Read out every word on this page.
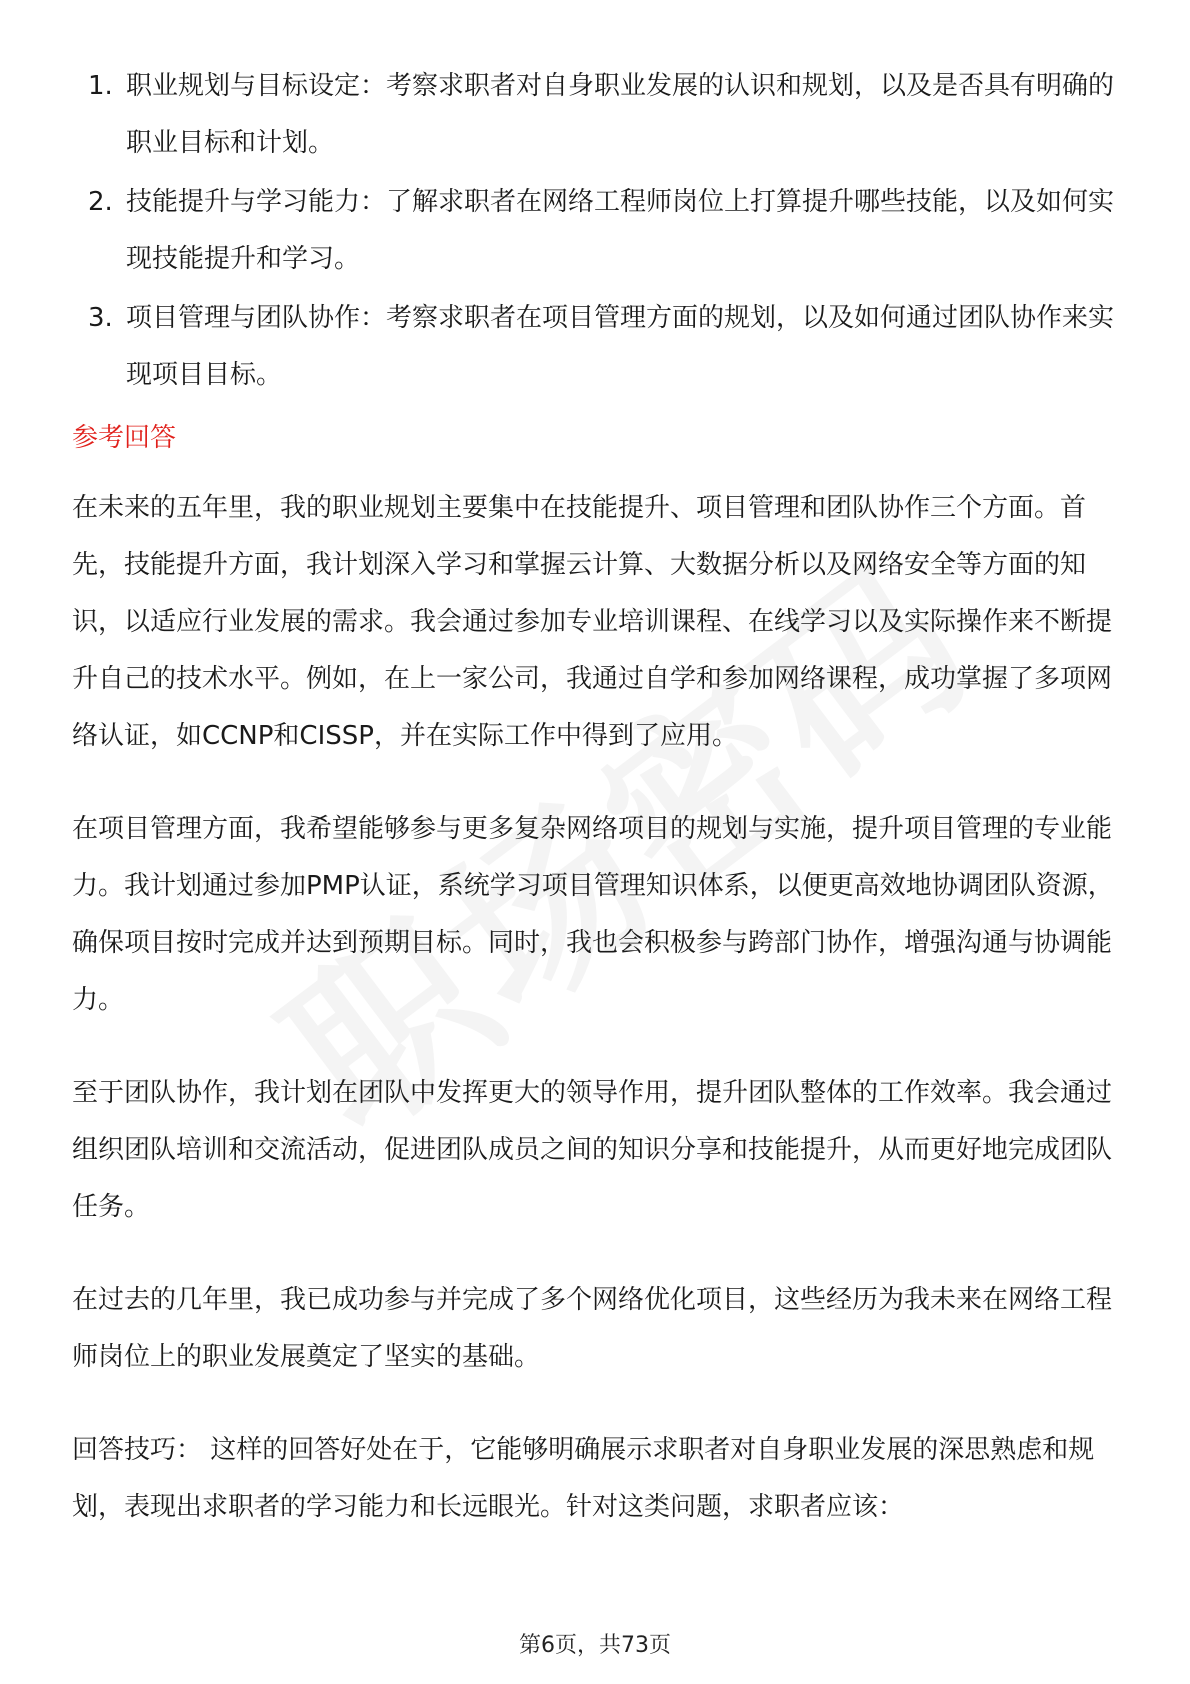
1. 职业规划与目标设定：考察求职者对自身职业发展的认识和规划，以及是否具有明确的职业目标和计划。
2. 技能提升与学习能力：了解求职者在网络工程师岗位上打算提升哪些技能，以及如何实现技能提升和学习。
3. 项目管理与团队协作：考察求职者在项目管理方面的规划，以及如何通过团队协作来实现项目目标。
参考回答

在未来的五年里，我的职业规划主要集中在技能提升、项目管理和团队协作三个方面。首先，技能提升方面，我计划深入学习和掌握云计算、大数据分析以及网络安全等方面的知识，以适应行业发展的需求。我会通过参加专业培训课程、在线学习以及实际操作来不断提升自己的技术水平。例如，在上一家公司，我通过自学和参加网络课程，成功掌握了多项网络认证，如CCNP和CISSP，并在实际工作中得到了应用。

在项目管理方面，我希望能够参与更多复杂网络项目的规划与实施，提升项目管理的专业能力。我计划通过参加PMP认证，系统学习项目管理知识体系，以便更高效地协调团队资源，确保项目按时完成并达到预期目标。同时，我也会积极参与跨部门协作，增强沟通与协调能力。

至于团队协作，我计划在团队中发挥更大的领导作用，提升团队整体的工作效率。我会通过组织团队培训和交流活动，促进团队成员之间的知识分享和技能提升，从而更好地完成团队任务。

在过去的几年里，我已成功参与并完成了多个网络优化项目，这些经历为我未来在网络工程师岗位上的职业发展奠定了坚实的基础。

回答技巧： 这样的回答好处在于，它能够明确展示求职者对自身职业发展的深思熟虑和规划，表现出求职者的学习能力和长远眼光。针对这类问题，求职者应该：

第6页，共73页
